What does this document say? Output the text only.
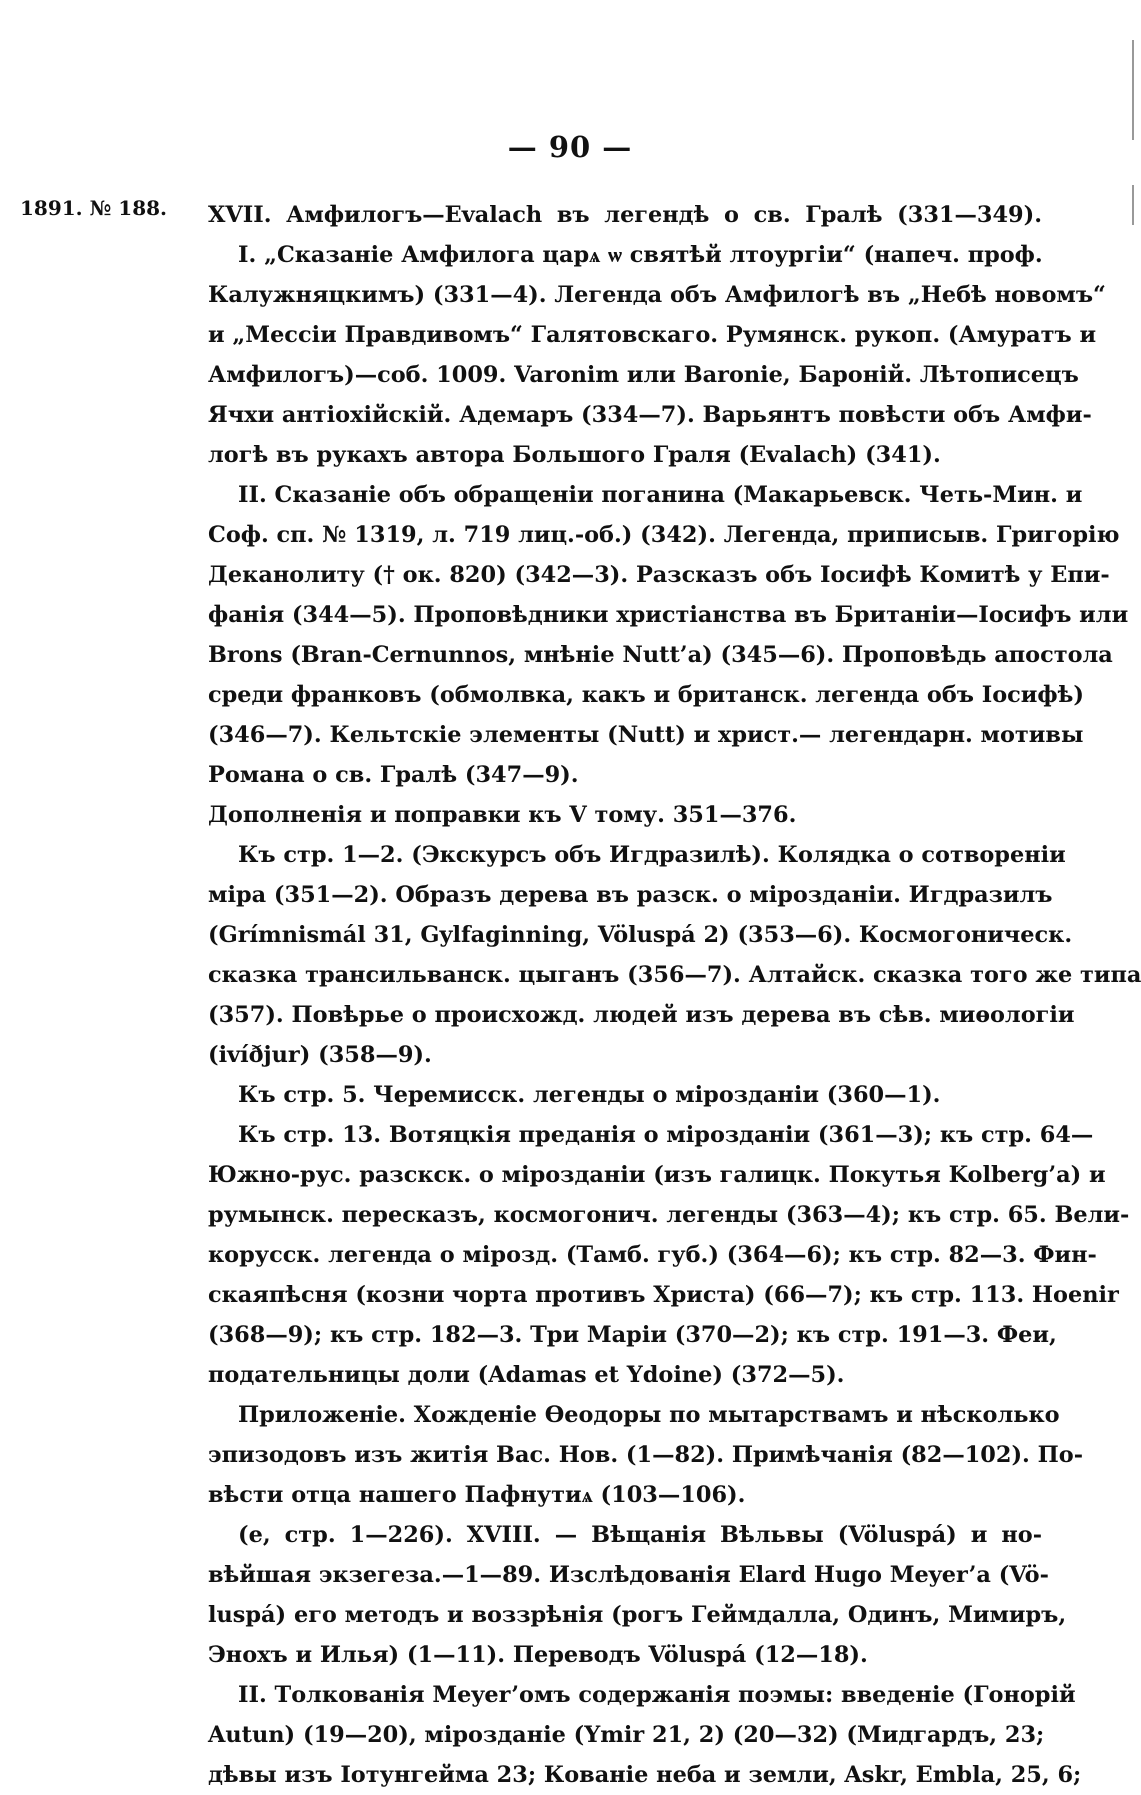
— 90 —
1891. № 188. XVII. Амфилогъ—Evalach въ легендѣ о св. Гралѣ (331—349).
I. „Сказаніе Амфилога царѧ ѡ святѣй лтоургіи“ (напеч. проф.
Калужняцкимъ) (331—4). Легенда объ Амфилогѣ въ „Небѣ новомъ“
и „Мессіи Правдивомъ“ Галятовскаго. Румянск. рукоп. (Амуратъ и
Амфилогъ)—соб. 1009. Varonim или Baronie, Бароній. Лѣтописецъ
Ячхи антіохійскій. Адемаръ (334—7). Варьянтъ повѣсти объ Амфи-
логѣ въ рукахъ автора Большого Граля (Evalach) (341).
II. Сказаніе объ обращеніи поганина (Макарьевск. Четь-Мин. и
Соф. сп. № 1319, л. 719 лиц.-об.) (342). Легенда, приписыв. Григорію
Деканолиту († ок. 820) (342—3). Разсказъ объ Іосифѣ Комитѣ у Епи-
фанія (344—5). Проповѣдники христіанства въ Британіи—Іосифъ или
Brons (Bran-Cernunnos, мнѣніе Nutt’a) (345—6). Проповѣдь апостола
среди франковъ (обмолвка, какъ и британск. легенда объ Іосифѣ)
(346—7). Кельтскіе элементы (Nutt) и христ.— легендарн. мотивы
Романа о св. Гралѣ (347—9).
Дополненія и поправки къ V тому. 351—376.
Къ стр. 1—2. (Экскурсъ объ Игдразилѣ). Колядка о сотвореніи
міра (351—2). Образъ дерева въ разск. о мірозданіи. Игдразилъ
(Grímnismál 31, Gylfaginning, Völuspá 2) (353—6). Космогоническ.
сказка трансильванск. цыганъ (356—7). Алтайск. сказка того же типа
(357). Повѣрье о происхожд. людей изъ дерева въ сѣв. миѳологіи
(ivíðjur) (358—9).
Къ стр. 5. Черемисск. легенды о мірозданіи (360—1).
Къ стр. 13. Вотяцкія преданія о мірозданіи (361—3); къ стр. 64—
Южно-рус. разскск. о мірозданіи (изъ галицк. Покутья Kolberg’a) и
румынск. пересказъ, космогонич. легенды (363—4); къ стр. 65. Вели-
корусск. легенда о мірозд. (Тамб. губ.) (364—6); къ стр. 82—3. Фин-
скаяпѣсня (козни чорта противъ Христа) (66—7); къ стр. 113. Hoenir
(368—9); къ стр. 182—3. Три Маріи (370—2); къ стр. 191—3. Феи,
подательницы доли (Adamas et Ydoine) (372—5).
Приложеніе. Хожденіе Ѳеодоры по мытарствамъ и нѣсколько
эпизодовъ изъ житія Вас. Нов. (1—82). Примѣчанія (82—102). По-
вѣсти отца нашего Пафнутиѧ (103—106).
(е, стр. 1—226). XVIII. — Вѣщанія Вѣльвы (Völuspá) и но-
вѣйшая экзегеза.—1—89. Изслѣдованія Elard Hugo Meyer’a (Vö-
luspá) его методъ и воззрѣнія (рогъ Геймдалла, Одинъ, Мимиръ,
Энохъ и Илья) (1—11). Переводъ Völuspá (12—18).
II. Толкованія Meyer’омъ содержанія поэмы: введеніе (Гонорій
Autun) (19—20), мірозданіе (Ymir 21, 2) (20—32) (Мидгардъ, 23;
дѣвы изъ Іотунгейма 23; Кованіе неба и земли, Askr, Embla, 25, 6;
